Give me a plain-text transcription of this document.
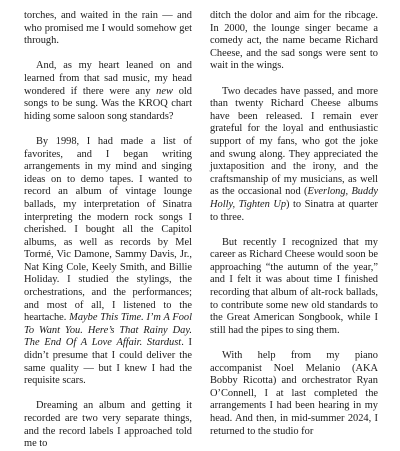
torches, and waited in the rain — and who promised me I would somehow get through.

And, as my heart leaned on and learned from that sad music, my head wondered if there were any new old songs to be sung. Was the KROQ chart hiding some saloon song standards?

By 1998, I had made a list of favorites, and I began writing arrangements in my mind and singing ideas on to demo tapes. I wanted to record an album of vintage lounge ballads, my interpretation of Sinatra interpreting the modern rock songs I cherished. I bought all the Capitol albums, as well as records by Mel Tormé, Vic Damone, Sammy Davis, Jr., Nat King Cole, Keely Smith, and Billie Holiday. I studied the stylings, the orchestrations, and the performances; and most of all, I listened to the heartache. Maybe This Time. I’m A Fool To Want You. Here’s That Rainy Day. The End Of A Love Affair. Stardust. I didn’t presume that I could deliver the same quality — but I knew I had the requisite scars.

Dreaming an album and getting it recorded are two very separate things, and the record labels I approached told me to

ditch the dolor and aim for the ribcage. In 2000, the lounge singer became a comedy act, the name became Richard Cheese, and the sad songs were sent to wait in the wings.

Two decades have passed, and more than twenty Richard Cheese albums have been released. I remain ever grateful for the loyal and enthusiastic support of my fans, who got the joke and swung along. They appreciated the juxtaposition and the irony, and the craftsmanship of my musicians, as well as the occasional nod (Everlong, Buddy Holly, Tighten Up) to Sinatra at quarter to three.

But recently I recognized that my career as Richard Cheese would soon be approaching “the autumn of the year,” and I felt it was about time I finished recording that album of alt-rock ballads, to contribute some new old standards to the Great American Songbook, while I still had the pipes to sing them.

With help from my piano accompanist Noel Melanio (AKA Bobby Ricotta) and orchestrator Ryan O’Connell, I at last completed the arrangements I had been hearing in my head. And then, in mid-summer 2024, I returned to the studio for
